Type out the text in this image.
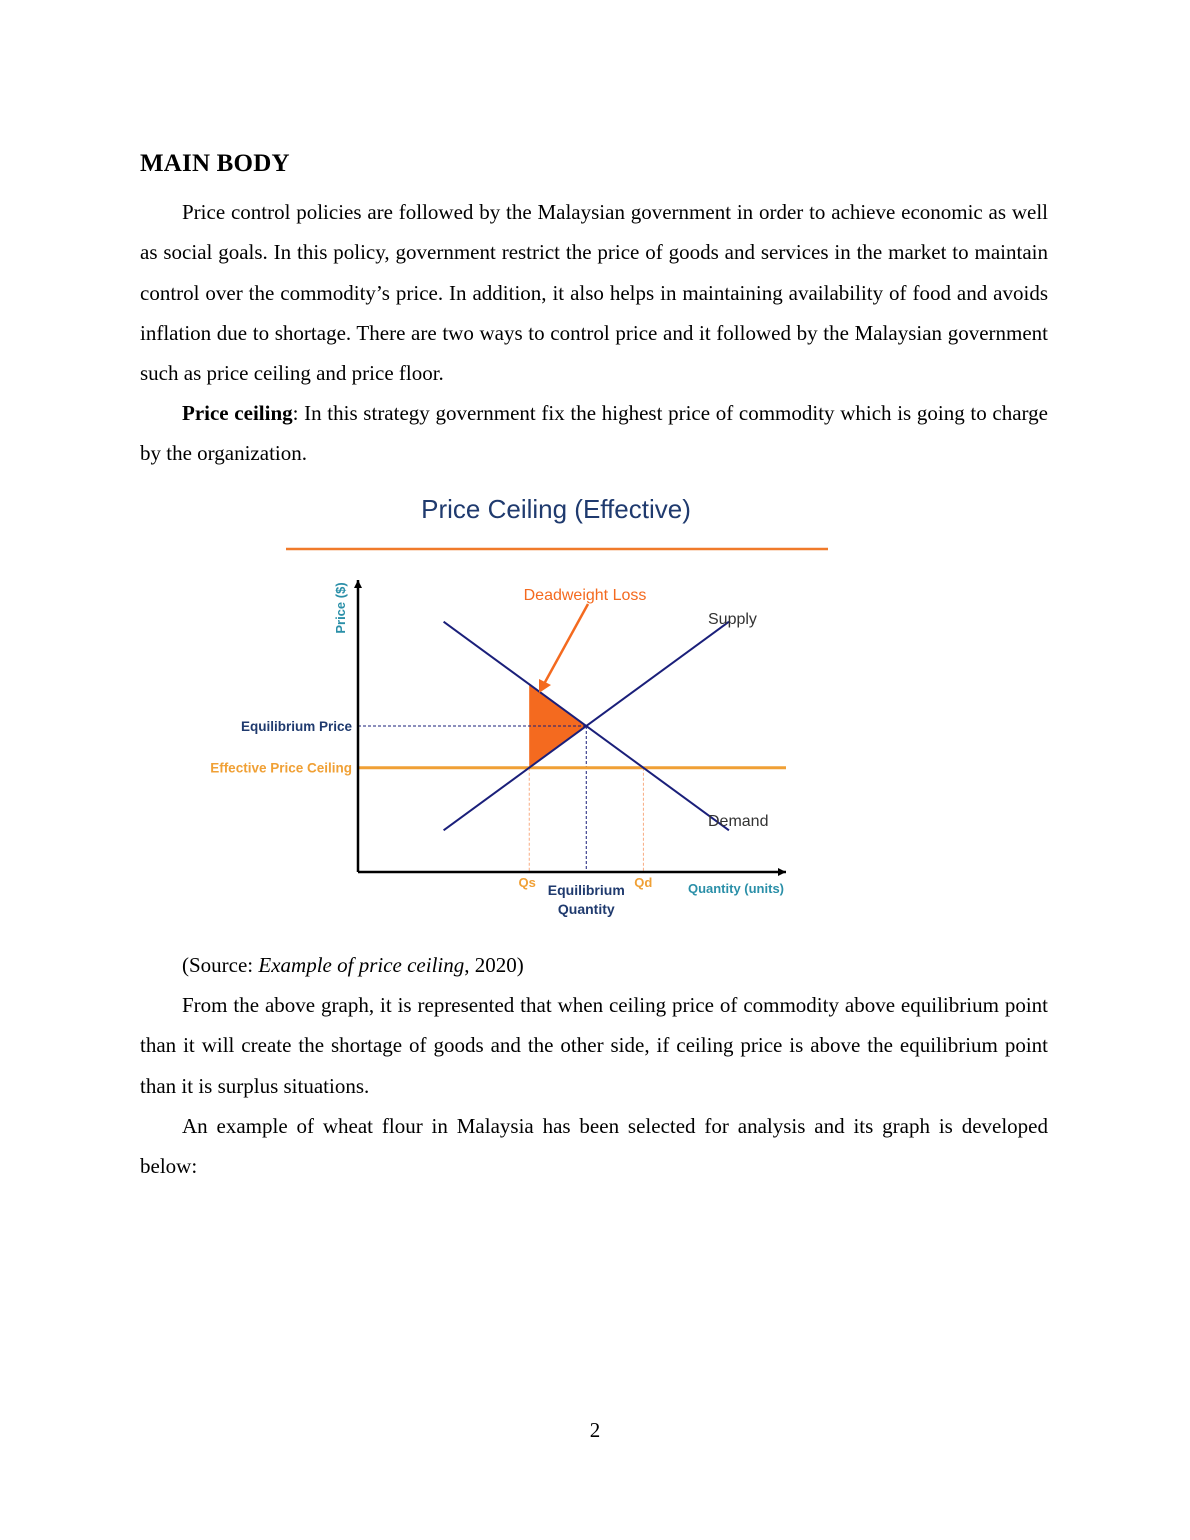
MAIN BODY

Price control policies are followed by the Malaysian government in order to achieve economic as well as social goals. In this policy, government restrict the price of goods and services in the market to maintain control over the commodity’s price. In addition, it also helps in maintaining availability of food and avoids inflation due to shortage. There are two ways to control price and it followed by the Malaysian government such as price ceiling and price floor.

Price ceiling: In this strategy government fix the highest price of commodity which is going to charge by the organization.

Price Ceiling (Effective)
Deadweight Loss
Supply
Demand
Equilibrium Price
Effective Price Ceiling
Qs	Qd
Equilibrium
Quantity
Quantity (units)
Price ($)

(Source: Example of price ceiling, 2020)

From the above graph, it is represented that when ceiling price of commodity above equilibrium point than it will create the shortage of goods and the other side, if ceiling price is above the equilibrium point than it is surplus situations.

An example of wheat flour in Malaysia has been selected for analysis and its graph is developed below:

2
